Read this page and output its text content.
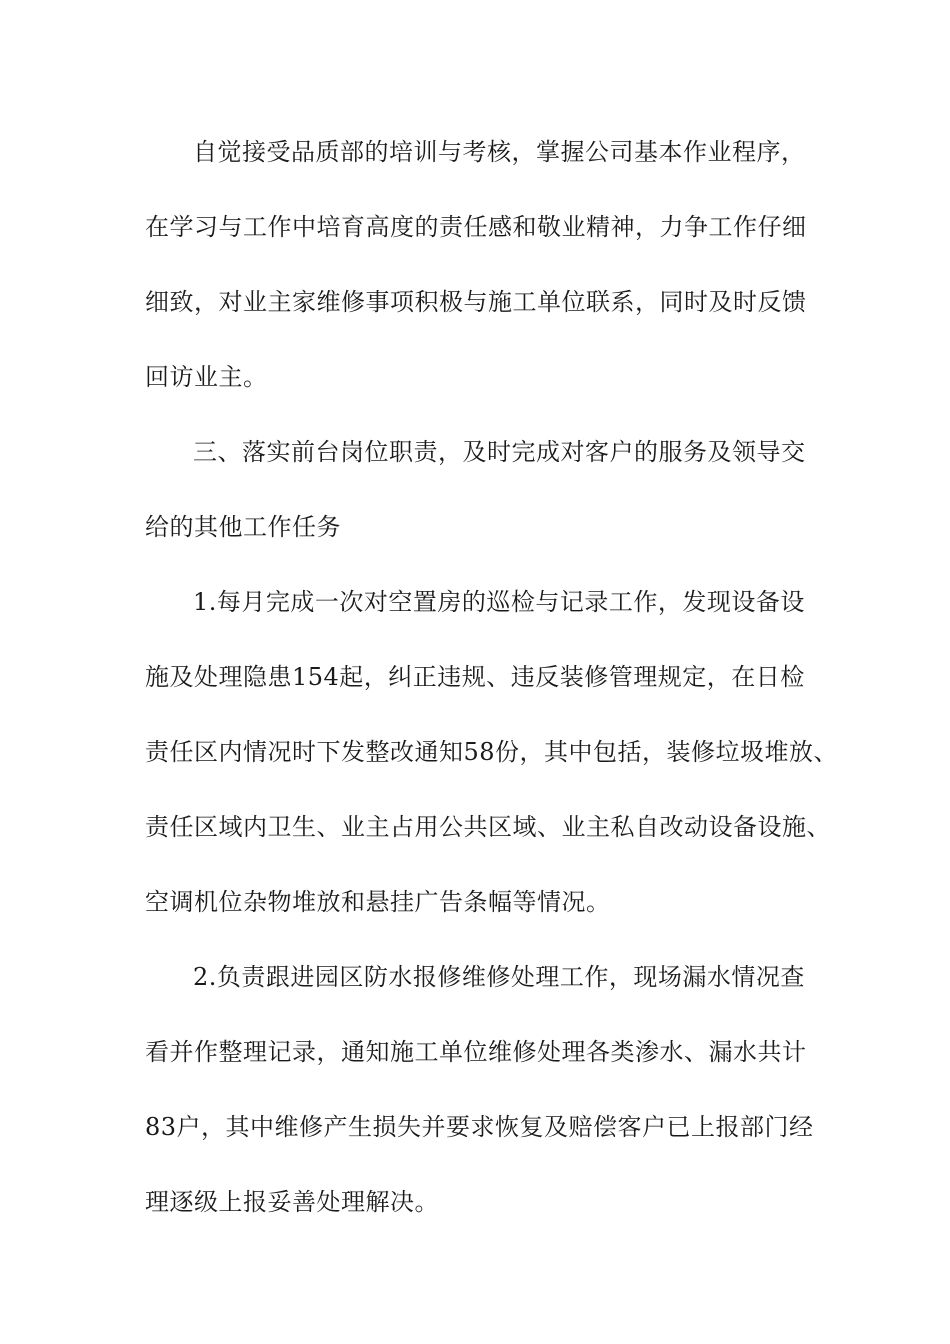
自觉接受品质部的培训与考核，掌握公司基本作业程序，
在学习与工作中培育高度的责任感和敬业精神，力争工作仔细
细致，对业主家维修事项积极与施工单位联系，同时及时反馈
回访业主。
三、落实前台岗位职责，及时完成对客户的服务及领导交
给的其他工作任务
1.每月完成一次对空置房的巡检与记录工作，发现设备设
施及处理隐患154起，纠正违规、违反装修管理规定，在日检
责任区内情况时下发整改通知58份，其中包括，装修垃圾堆放、
责任区域内卫生、业主占用公共区域、业主私自改动设备设施、
空调机位杂物堆放和悬挂广告条幅等情况。
2.负责跟进园区防水报修维修处理工作，现场漏水情况查
看并作整理记录，通知施工单位维修处理各类渗水、漏水共计
83户，其中维修产生损失并要求恢复及赔偿客户已上报部门经
理逐级上报妥善处理解决。
